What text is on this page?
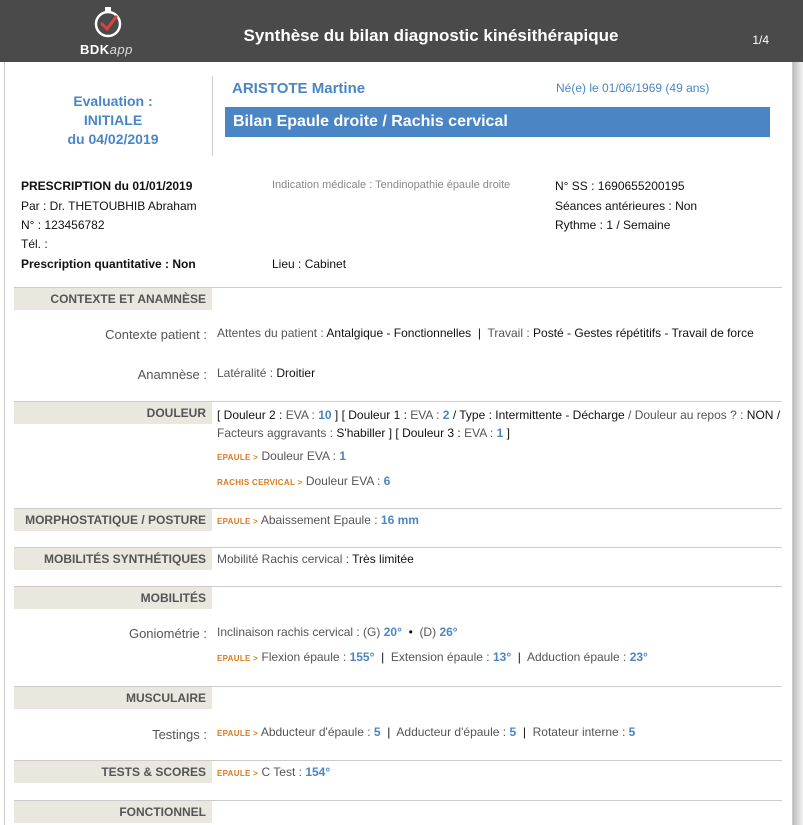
BDKapp
Synthèse du bilan diagnostic kinésithérapique	1/4
Evaluation :
INITIALE
du 04/02/2019
ARISTOTE Martine	Né(e) le 01/06/1969 (49 ans)
Bilan Epaule droite / Rachis cervical
PRESCRIPTION du 01/01/2019
Par : Dr. THETOUBHIB Abraham
N° : 123456782
Tél. :
Prescription quantitative : Non
Indication médicale : Tendinopathie épaule droite
Lieu : Cabinet
N° SS : 1690655200195
Séances antérieures : Non
Rythme : 1 / Semaine
CONTEXTE ET ANAMNÈSE
Contexte patient : Attentes du patient : Antalgique - Fonctionnelles | Travail : Posté - Gestes répétitifs - Travail de force
Anamnèse : Latéralité : Droitier
DOULEUR [ Douleur 2 : EVA : 10 ] [ Douleur 1 : EVA : 2 / Type : Intermittente - Décharge / Douleur au repos ? : NON /
Facteurs aggravants : S'habiller ] [ Douleur 3 : EVA : 1 ]
EPAULE > Douleur EVA : 1
RACHIS CERVICAL > Douleur EVA : 6
MORPHOSTATIQUE / POSTURE	EPAULE > Abaissement Epaule : 16 mm
MOBILITÉS SYNTHÉTIQUES Mobilité Rachis cervical : Très limitée
MOBILITÉS
Goniométrie : Inclinaison rachis cervical : (G) 20° • (D) 26°
EPAULE > Flexion épaule : 155° | Extension épaule : 13° | Adduction épaule : 23°
MUSCULAIRE
Testings : EPAULE > Abducteur d'épaule : 5 | Adducteur d'épaule : 5 | Rotateur interne : 5
TESTS & SCORES	EPAULE > C Test : 154°
FONCTIONNEL
